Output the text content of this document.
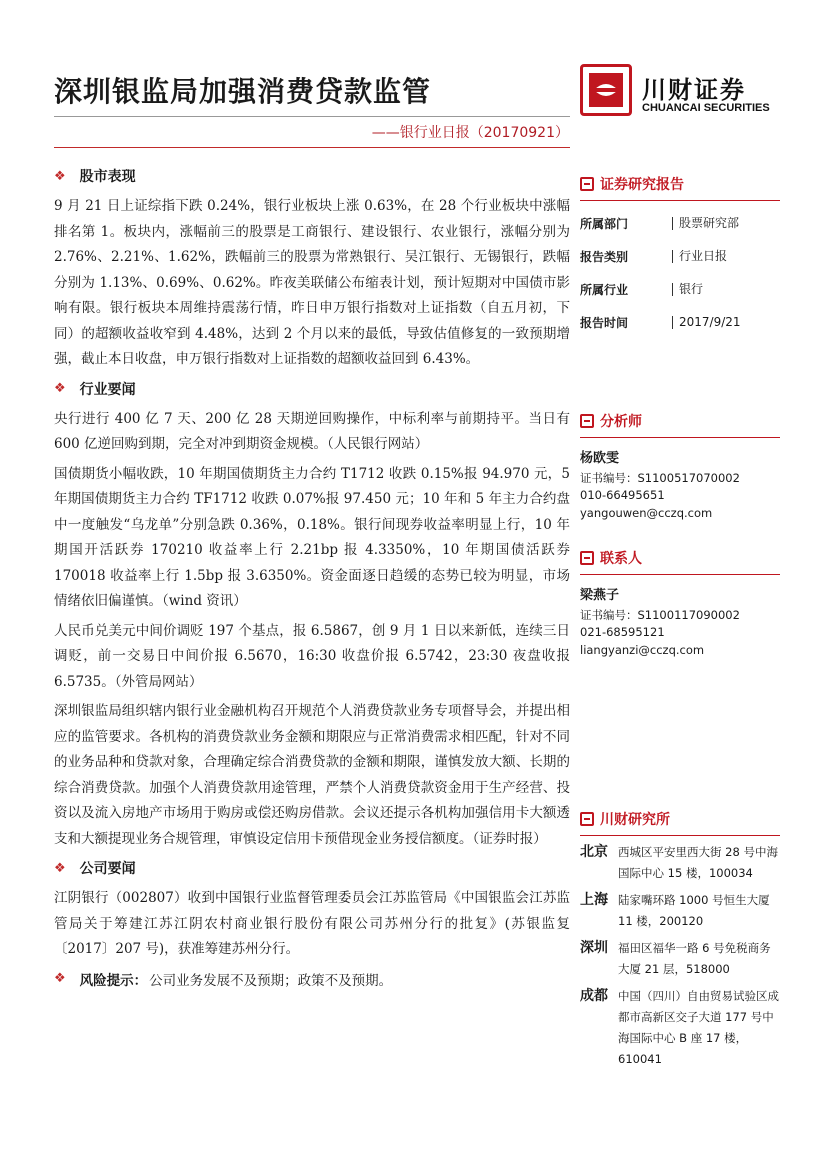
深圳银监局加强消费贷款监管
——银行业日报（20170921）
川财证券
CHUANCAI SECURITIES
❖ 股市表现

9 月 21 日上证综指下跌 0.24%，银行业板块上涨 0.63%，在 28 个行业板块中涨幅排名第 1。板块内，涨幅前三的股票是工商银行、建设银行、农业银行，涨幅分别为 2.76%、2.21%、1.62%，跌幅前三的股票为常熟银行、吴江银行、无锡银行，跌幅分别为 1.13%、0.69%、0.62%。昨夜美联储公布缩表计划，预计短期对中国债市影响有限。银行板块本周维持震荡行情，昨日申万银行指数对上证指数（自五月初，下同）的超额收益收窄到 4.48%，达到 2 个月以来的最低，导致估值修复的一致预期增强，截止本日收盘，申万银行指数对上证指数的超额收益回到 6.43%。

❖ 行业要闻

央行进行 400 亿 7 天、200 亿 28 天期逆回购操作，中标利率与前期持平。当日有 600 亿逆回购到期，完全对冲到期资金规模。（人民银行网站）

国债期货小幅收跌，10 年期国债期货主力合约 T1712 收跌 0.15%报 94.970 元，5 年期国债期货主力合约 TF1712 收跌 0.07%报 97.450 元；10 年和 5 年主力合约盘中一度触发“乌龙单”分别急跌 0.36%，0.18%。银行间现券收益率明显上行，10 年期国开活跃券 170210 收益率上行 2.21bp 报 4.3350%，10 年期国债活跃券 170018 收益率上行 1.5bp 报 3.6350%。资金面逐日趋缓的态势已较为明显，市场情绪依旧偏谨慎。（wind 资讯）

人民币兑美元中间价调贬 197 个基点，报 6.5867，创 9 月 1 日以来新低，连续三日调贬，前一交易日中间价报 6.5670，16:30 收盘价报 6.5742，23:30 夜盘收报 6.5735。（外管局网站）

深圳银监局组织辖内银行业金融机构召开规范个人消费贷款业务专项督导会，并提出相应的监管要求。各机构的消费贷款业务金额和期限应与正常消费需求相匹配，针对不同的业务品种和贷款对象，合理确定综合消费贷款的金额和期限，谨慎发放大额、长期的综合消费贷款。加强个人消费贷款用途管理，严禁个人消费贷款资金用于生产经营、投资以及流入房地产市场用于购房或偿还购房借款。会议还提示各机构加强信用卡大额透支和大额提现业务合规管理，审慎设定信用卡预借现金业务授信额度。（证券时报）

❖ 公司要闻

江阴银行（002807）收到中国银行业监督管理委员会江苏监管局《中国银监会江苏监管局关于筹建江苏江阴农村商业银行股份有限公司苏州分行的批复》(苏银监复〔2017〕207 号)，获准筹建苏州分行。

❖ 风险提示： 公司业务发展不及预期；政策不及预期。
证券研究报告
所属部门	股票研究部
报告类别	行业日报
所属行业	银行
报告时间	2017/9/21
分析师
杨欧雯
证书编号：S1100517070002
010-66495651
yangouwen@cczq.com
联系人
梁燕子
证书编号：S1100117090002
021-68595121
liangyanzi@cczq.com
川财研究所
北京 西城区平安里西大街 28 号中海国际中心 15 楼，100034
上海 陆家嘴环路 1000 号恒生大厦 11 楼，200120
深圳 福田区福华一路 6 号免税商务大厦 21 层，518000
成都 中国（四川）自由贸易试验区成都市高新区交子大道 177 号中海国际中心 B 座 17 楼，610041
